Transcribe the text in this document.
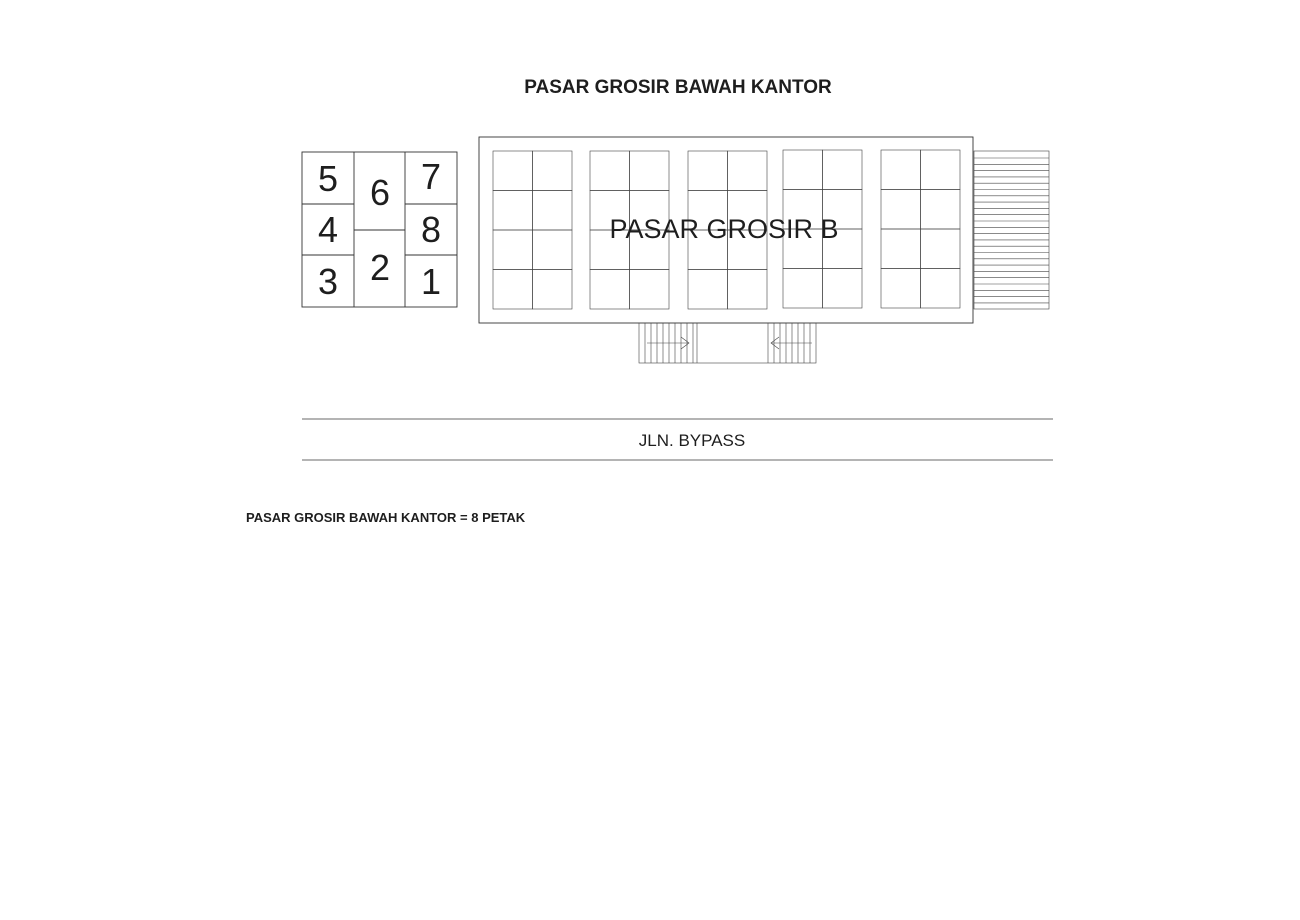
PASAR GROSIR BAWAH KANTOR
5
4
3
6
2
7
8
1
PASAR GROSIR B
JLN. BYPASS
PASAR GROSIR BAWAH KANTOR = 8 PETAK
